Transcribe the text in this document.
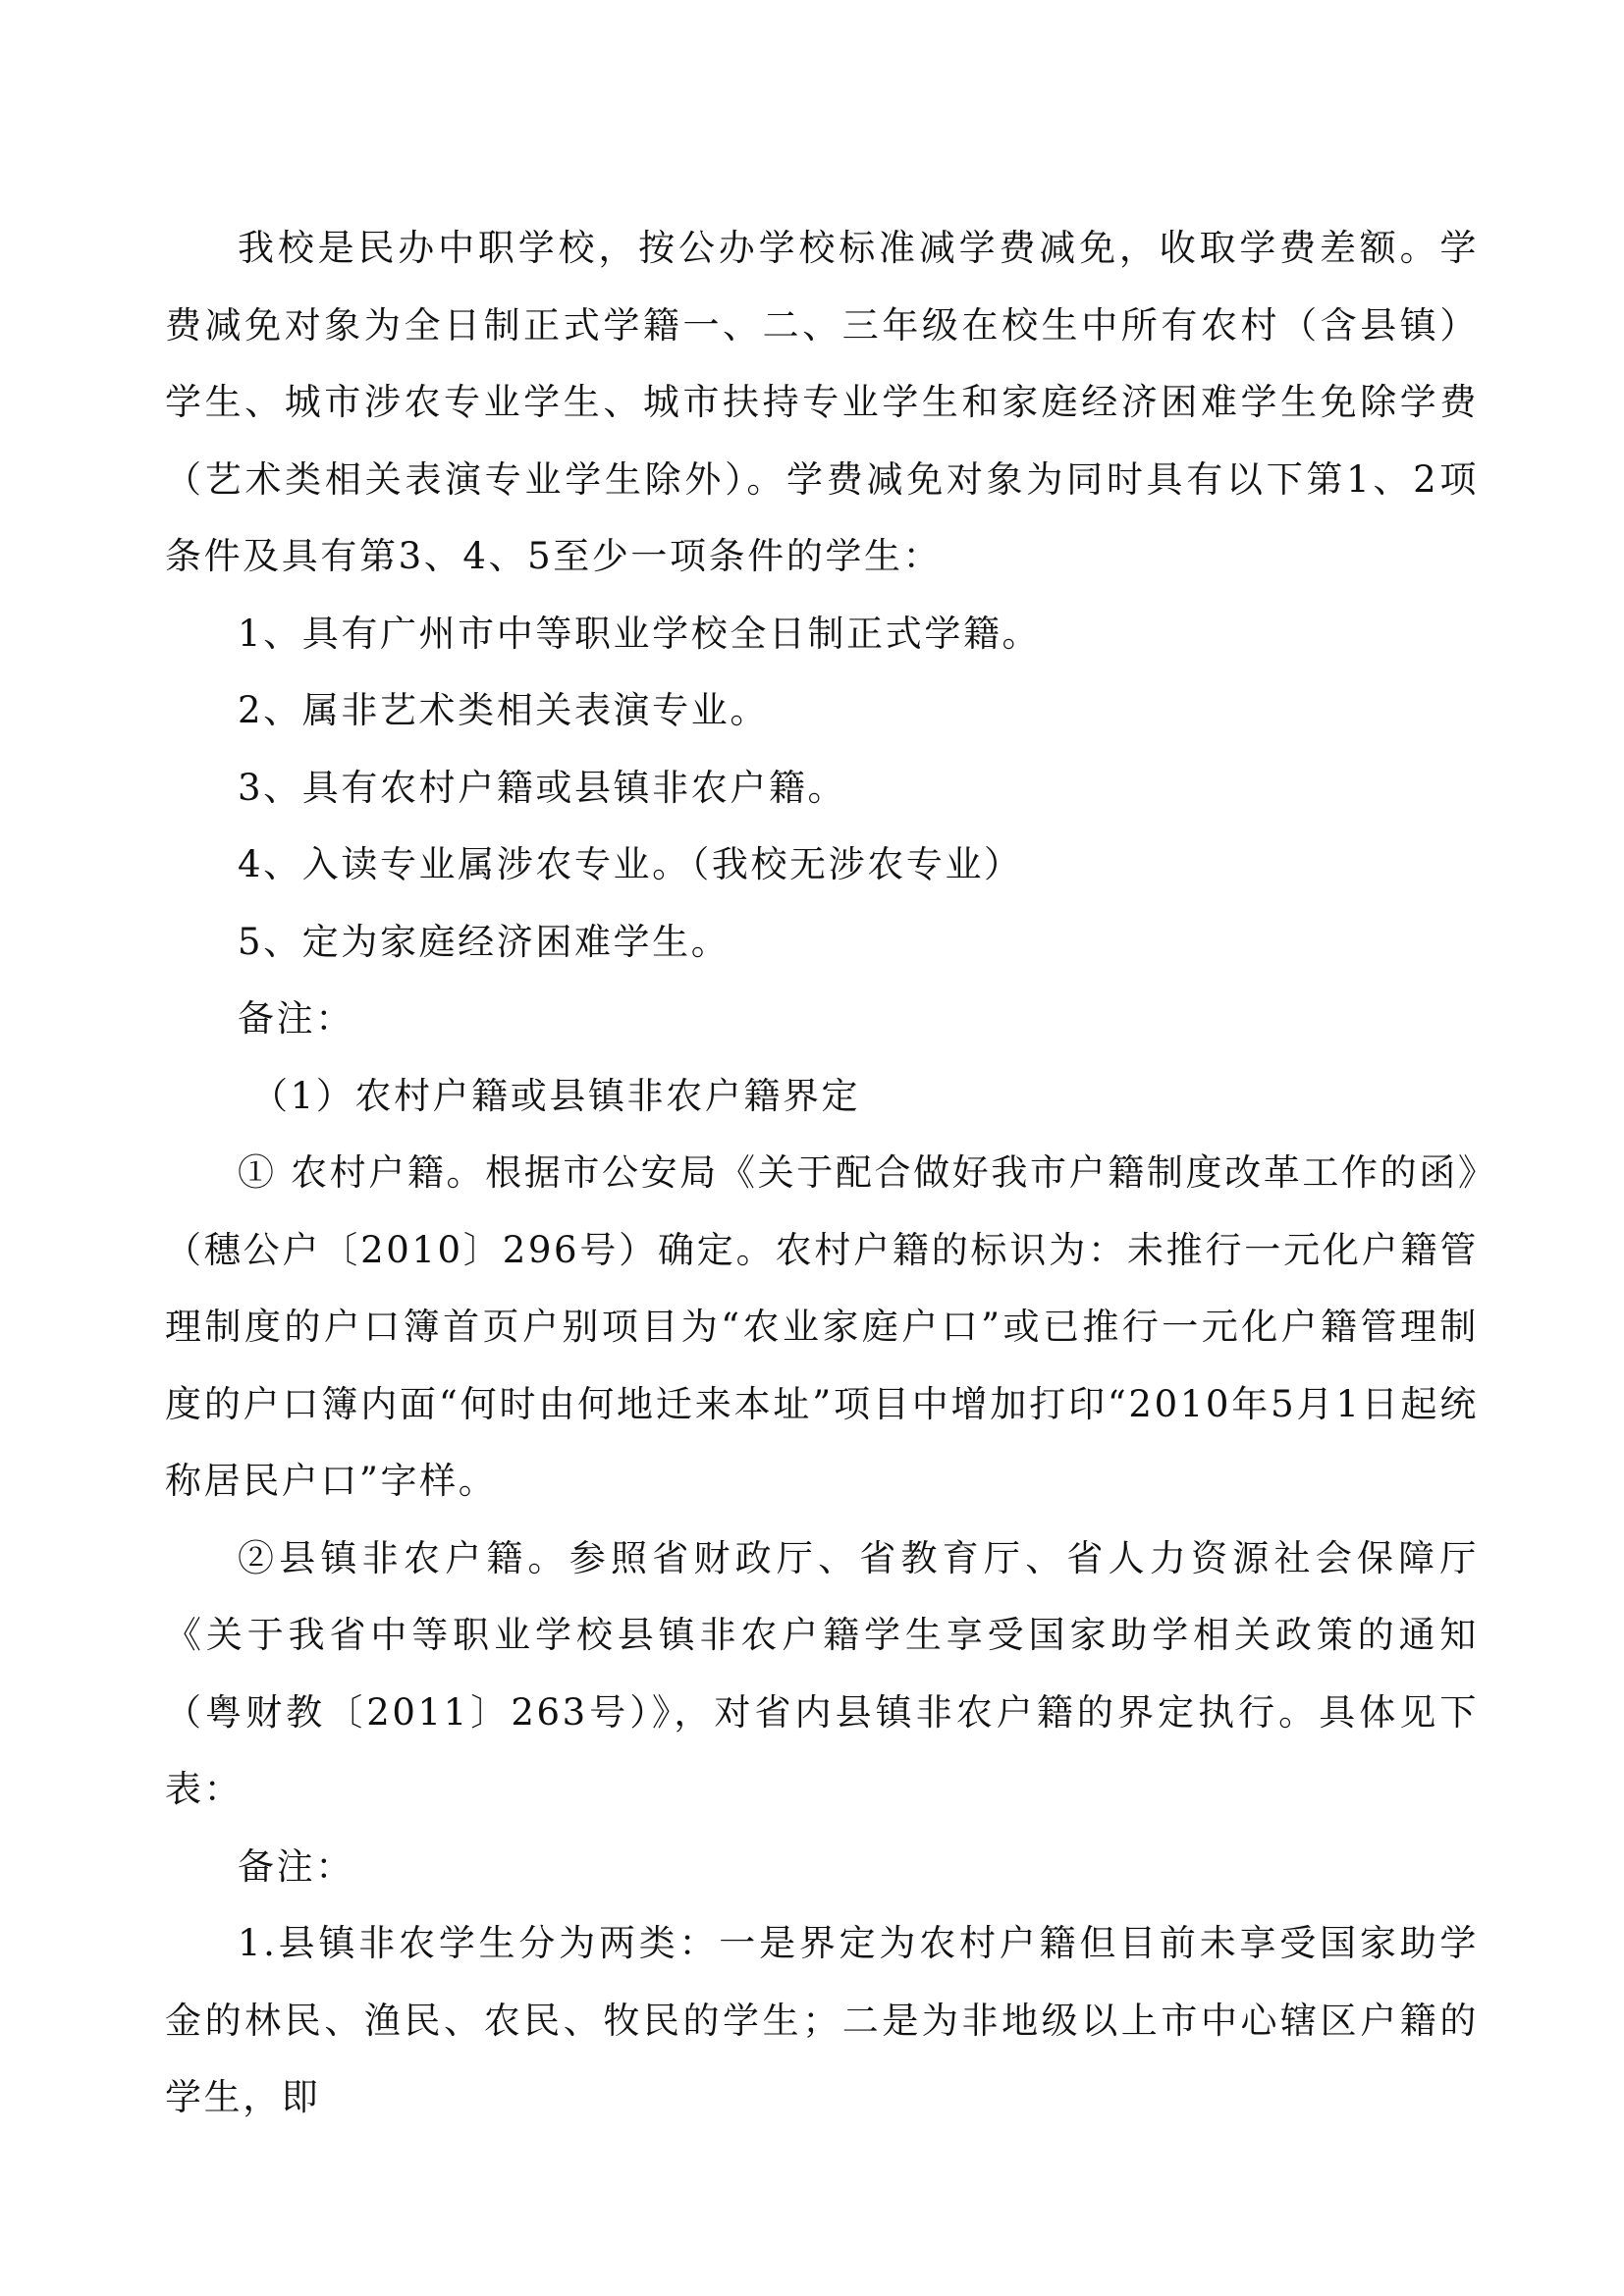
我校是民办中职学校，按公办学校标准减学费减免，收取学费差额。学费减免对象为全日制正式学籍一、二、三年级在校生中所有农村（含县镇）学生、城市涉农专业学生、城市扶持专业学生和家庭经济困难学生免除学费（艺术类相关表演专业学生除外）。学费减免对象为同时具有以下第1、2项条件及具有第3、4、5至少一项条件的学生：

1、具有广州市中等职业学校全日制正式学籍。

2、属非艺术类相关表演专业。

3、具有农村户籍或县镇非农户籍。

4、入读专业属涉农专业。（我校无涉农专业）

5、定为家庭经济困难学生。

备注：

（1）农村户籍或县镇非农户籍界定

① 农村户籍。根据市公安局《关于配合做好我市户籍制度改革工作的函》（穗公户〔2010〕296号）确定。农村户籍的标识为：未推行一元化户籍管理制度的户口簿首页户别项目为“农业家庭户口”或已推行一元化户籍管理制度的户口簿内面“何时由何地迁来本址”项目中增加打印“2010年5月1日起统称居民户口”字样。

②县镇非农户籍。参照省财政厅、省教育厅、省人力资源社会保障厅《关于我省中等职业学校县镇非农户籍学生享受国家助学相关政策的通知（粤财教〔2011〕263号）》，对省内县镇非农户籍的界定执行。具体见下表：

备注：

1.县镇非农学生分为两类：一是界定为农村户籍但目前未享受国家助学金的林民、渔民、农民、牧民的学生；二是为非地级以上市中心辖区户籍的学生，即
